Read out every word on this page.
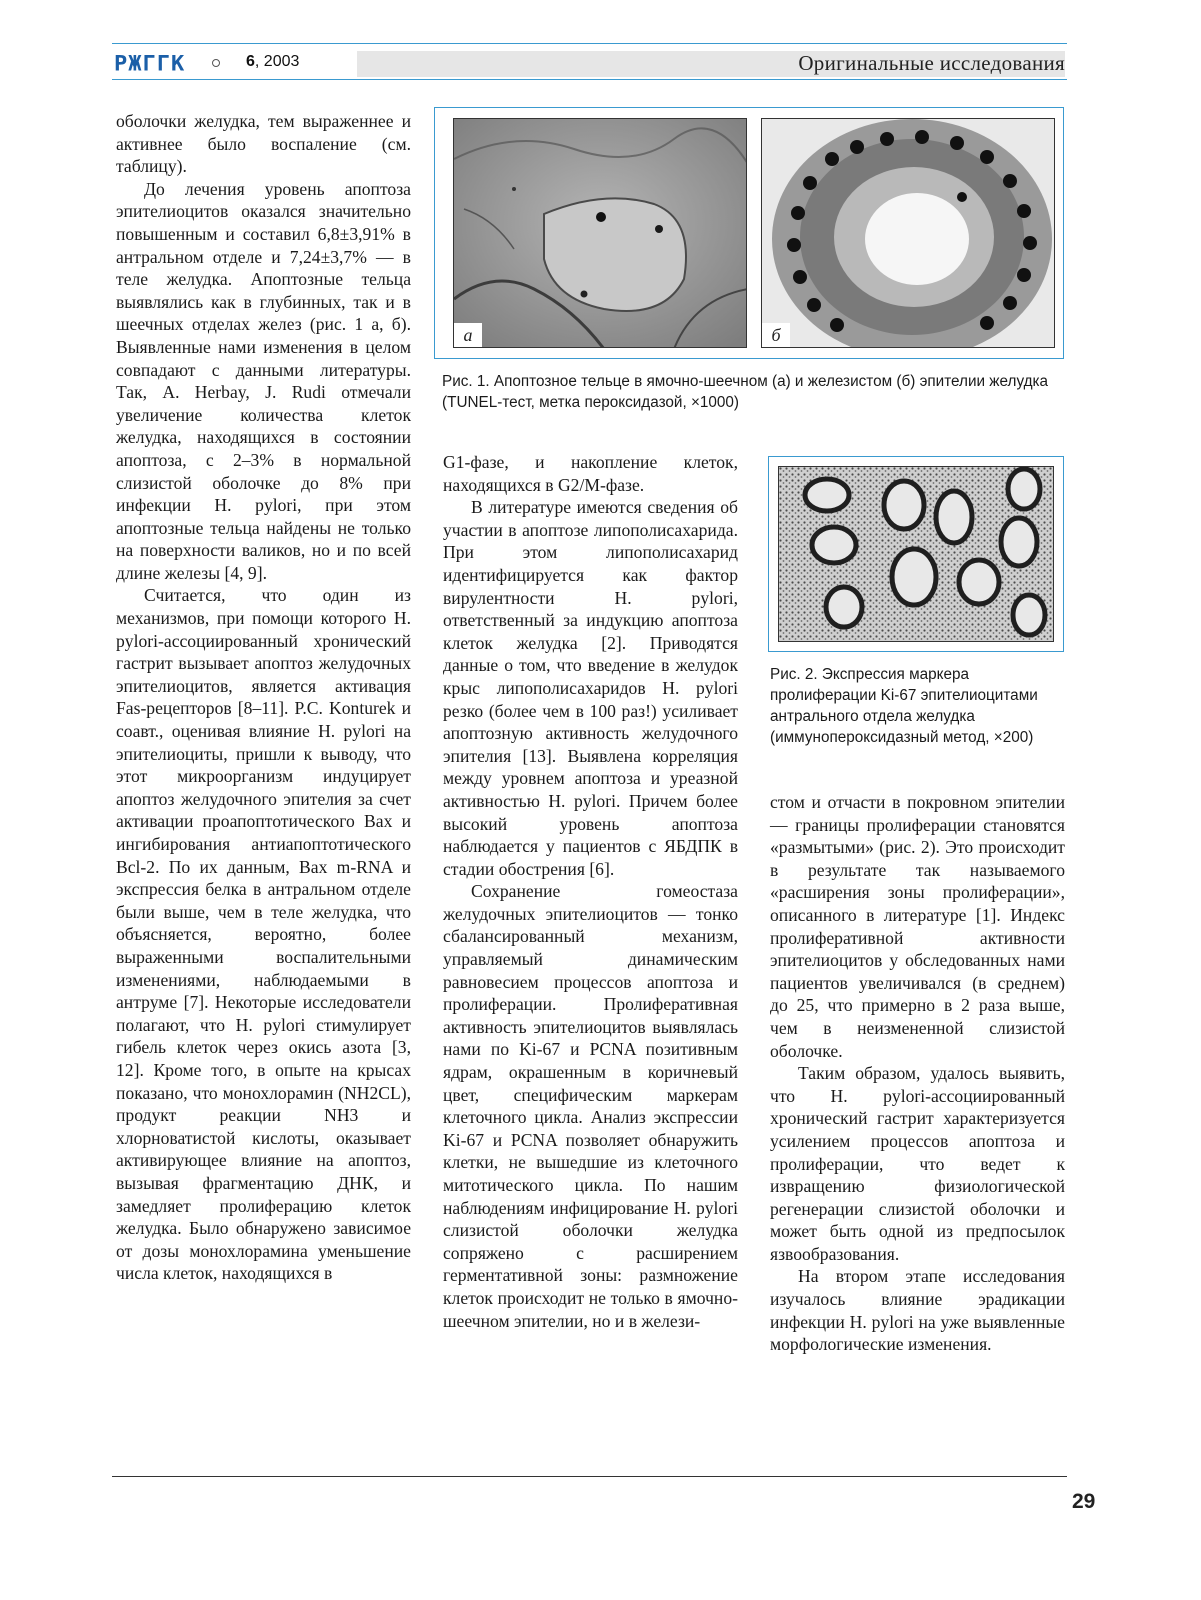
РЖГГК	6, 2003	Оригинальные исследования

оболочки желудка, тем выраженнее и активнее было воспаление (см. таблицу).

До лечения уровень апоптоза эпителиоцитов оказался значительно повышенным и составил 6,8±3,91% в антральном отделе и 7,24±3,7% — в теле желудка. Апоптозные тельца выявлялись как в глубинных, так и в шеечных отделах желез (рис. 1 а, б). Выявленные нами изменения в целом совпадают с данными литературы. Так, A. Herbay, J. Rudi отмечали увеличение количества клеток желудка, находящихся в состоянии апоптоза, с 2–3% в нормальной слизистой оболочке до 8% при инфекции H. pylori, при этом апоптозные тельца найдены не только на поверхности валиков, но и по всей длине железы [4, 9].

Считается, что один из механизмов, при помощи которого H. pylori-ассоциированный хронический гастрит вызывает апоптоз желудочных эпителиоцитов, является активация Fas-рецепторов [8–11]. P.C. Konturek и соавт., оценивая влияние H. pylori на эпителиоциты, пришли к выводу, что этот микроорганизм индуцирует апоптоз желудочного эпителия за счет активации проапоптотического Bax и ингибирования антиапоптотического Bcl-2. По их данным, Bax m-RNA и экспрессия белка в антральном отделе были выше, чем в теле желудка, что объясняется, вероятно, более выраженными воспалительными изменениями, наблюдаемыми в антруме [7]. Некоторые исследователи полагают, что H. pylori стимулирует гибель клеток через окись азота [3, 12]. Кроме того, в опыте на крысах показано, что монохлорамин (NH2CL), продукт реакции NH3 и хлорноватистой кислоты, оказывает активирующее влияние на апоптоз, вызывая фрагментацию ДНК, и замедляет пролиферацию клеток желудка. Было обнаружено зависимое от дозы монохлорамина уменьшение числа клеток, находящихся в

а	б
Рис. 1. Апоптозное тельце в ямочно-шеечном (а) и железистом (б) эпителии желудка (TUNEL-тест, метка пероксидазой, ×1000)

G1-фазе, и накопление клеток, находящихся в G2/M-фазе.

В литературе имеются сведения об участии в апоптозе липополисахарида. При этом липополисахарид идентифицируется как фактор вирулентности H. pylori, ответственный за индукцию апоптоза клеток желудка [2]. Приводятся данные о том, что введение в желудок крыс липополисахаридов H. pylori резко (более чем в 100 раз!) усиливает апоптозную активность желудочного эпителия [13]. Выявлена корреляция между уровнем апоптоза и уреазной активностью H. pylori. Причем более высокий уровень апоптоза наблюдается у пациентов с ЯБДПК в стадии обострения [6].

Сохранение гомеостаза желудочных эпителиоцитов — тонко сбалансированный механизм, управляемый динамическим равновесием процессов апоптоза и пролиферации. Пролиферативная активность эпителиоцитов выявлялась нами по Ki-67 и PCNA позитивным ядрам, окрашенным в коричневый цвет, специфическим маркерам клеточного цикла. Анализ экспрессии Ki-67 и PCNA позволяет обнаружить клетки, не вышедшие из клеточного митотического цикла. По нашим наблюдениям инфицирование H. pylori слизистой оболочки желудка сопряжено с расширением герментативной зоны: размножение клеток происходит не только в ямочно-шеечном эпителии, но и в желези-

Рис. 2. Экспрессия маркера пролиферации Ki-67 эпителиоцитами антрального отдела желудка (иммунопероксидазный метод, ×200)

стом и отчасти в покровном эпителии — границы пролиферации становятся «размытыми» (рис. 2). Это происходит в результате так называемого «расширения зоны пролиферации», описанного в литературе [1]. Индекс пролиферативной активности эпителиоцитов у обследованных нами пациентов увеличивался (в среднем) до 25, что примерно в 2 раза выше, чем в неизмененной слизистой оболочке.

Таким образом, удалось выявить, что H. pylori-ассоциированный хронический гастрит характеризуется усилением процессов апоптоза и пролиферации, что ведет к извращению физиологической регенерации слизистой оболочки и может быть одной из предпосылок язвообразования.

На втором этапе исследования изучалось влияние эрадикации инфекции H. pylori на уже выявленные морфологические изменения.

29
